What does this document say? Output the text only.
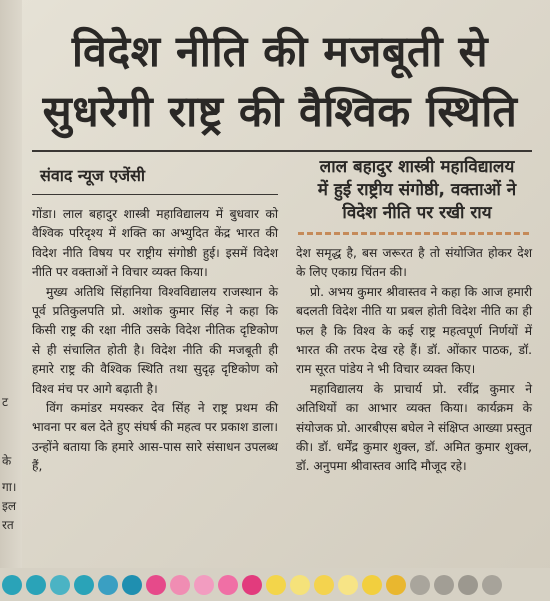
ट
के
गा।
इल
रत
विदेश नीति की मजबूती से
सुधरेगी राष्ट्र की वैश्विक स्थिति
संवाद न्यूज एजेंसी	लाल बहादुर शास्त्री महाविद्यालय
में हुई राष्ट्रीय संगोष्ठी, वक्ताओं ने
विदेश नीति पर रखी राय

गोंडा। लाल बहादुर शास्त्री महाविद्यालय में बुधवार को वैश्विक परिदृश्य में शक्ति का अभ्युदित केंद्र भारत की विदेश नीति विषय पर राष्ट्रीय संगोष्ठी हुई। इसमें विदेश नीति पर वक्ताओं ने विचार व्यक्त किया।

मुख्य अतिथि सिंहानिया विश्वविद्यालय राजस्थान के पूर्व प्रतिकुलपति प्रो. अशोक कुमार सिंह ने कहा कि किसी राष्ट्र की रक्षा नीति उसके विदेश नीतिक दृष्टिकोण से ही संचालित होती है। विदेश नीति की मजबूती ही हमारे राष्ट्र की वैश्विक स्थिति तथा सुदृढ़ दृष्टिकोण को विश्व मंच पर आगे बढ़ाती है।

विंग कमांडर मयस्कर देव सिंह ने राष्ट्र प्रथम की भावना पर बल देते हुए संघर्ष की महत्व पर प्रकाश डाला। उन्होंने बताया कि हमारे आस-पास सारे संसाधन उपलब्ध हैं,

देश समृद्ध है, बस जरूरत है तो संयोजित होकर देश के लिए एकाग्र चिंतन की।

प्रो. अभय कुमार श्रीवास्तव ने कहा कि आज हमारी बदलती विदेश नीति या प्रबल होती विदेश नीति का ही फल है कि विश्व के कई राष्ट्र महत्वपूर्ण निर्णयों में भारत की तरफ देख रहे हैं। डॉ. ओंकार पाठक, डॉ. राम सूरत पांडेय ने भी विचार व्यक्त किए।

महाविद्यालय के प्राचार्य प्रो. रवींद्र कुमार ने अतिथियों का आभार व्यक्त किया। कार्यक्रम के संयोजक प्रो. आरबीएस बघेल ने संक्षिप्त आख्या प्रस्तुत की। डॉ. धर्मेंद्र कुमार शुक्ल, डॉ. अमित कुमार शुक्ल, डॉ. अनुपमा श्रीवास्तव आदि मौजूद रहे।
